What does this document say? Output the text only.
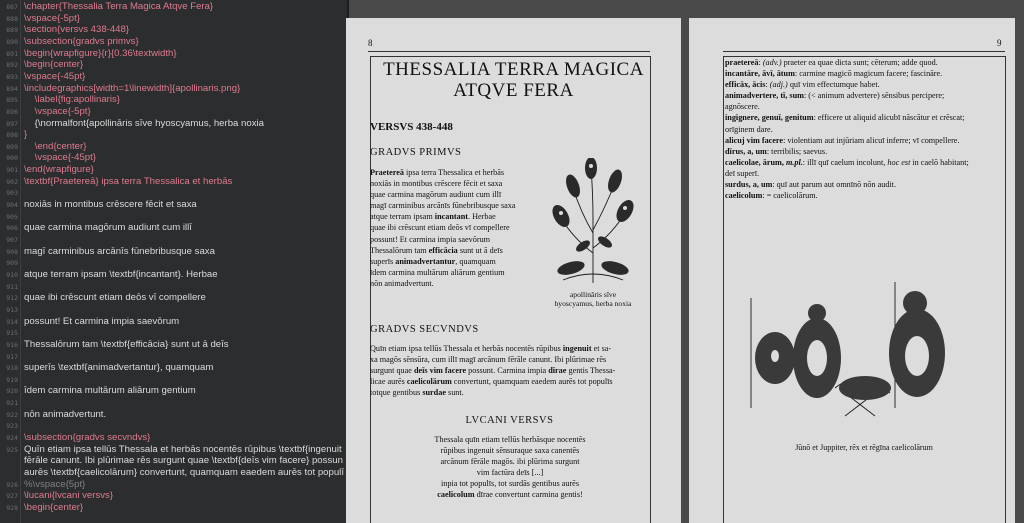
887
888
889
890
891
892
893
894
895
896
897
898
899
900
901
902
903
904
905
906
907
908
909
910
911
912
913
914
915
916
917
918
919
920
921
922
923
924
925
926
927
928
\chapter{Thessalia Terra Magica Atqve Fera}
\vspace{-5pt}
\section{versvs 438-448}
\subsection{gradvs primvs}
\begin{wrapfigure}{r}{0.36\textwidth}
\begin{center}
\vspace{-45pt}
\includegraphics[width=1\linewidth]{apollinaris.png}
\label{fig:apollinaris}
\vspace{-5pt}
{\normalfont{apollināris sīve hyoscyamus, herba noxia
}
\end{center}
\vspace{-45pt}
\end{wrapfigure}
\textbf{Praetereā} ipsa terra Thessalica et herbās
noxiās in montibus crēscere fēcit et saxa
quae carmina magōrum audiunt cum illī
magī carminibus arcānīs fūnebribusque saxa
atque terram ipsam \textbf{incantant}. Herbae
quae ibi crēscunt etiam deōs vī compellere
possunt! Et carmina impia saevōrum
Thessalōrum tam \textbf{efficācia} sunt ut ā deīs
superīs \textbf{animadvertantur}, quamquam
īdem carmina multārum aliārum gentium
nōn animadvertunt.
\subsection{gradvs secvndvs}
Quīn etiam ipsa tellūs Thessala et herbās nocentēs rūpibus \textbf{ingenuit
fērāle canunt. Ibi plūrimae rēs surgunt quae \textbf{deīs vim facere} possun
aurēs \textbf{caelicolārum} convertunt, quamquam eaedem aurēs tot populī
%\vspace{5pt}
\lucani{lvcani versvs}
\begin{center}
8
THESSALIA TERRA MAGICA
ATQVE FERA
VERSVS 438-448
GRADVS PRIMVS
Praetereā ipsa terra Thessalica et herbās
noxiās in montibus crēscere fēcit et saxa
quae carmina magōrum audiunt cum illī
magī carminibus arcānīs fūnebribusque saxa
atque terram ipsam incantant. Herbae
quae ibi crēscunt etiam deōs vī compellere
possunt! Et carmina impia saevōrum
Thessalōrum tam efficācia sunt ut ā deīs
superīs animadvertantur, quamquam
īdem carmina multārum aliārum gentium
nōn animadvertunt.
apollināris sīve
hyoscyamus, herba noxia
GRADVS SECVNDVS
Quīn etiam ipsa tellūs Thessala et herbās nocentēs rūpibus ingenuit et sa-
xa magōs sēnsūra, cum illī magī arcānum fērāle canunt. Ibi plūrimae rēs
surgunt quae deīs vim facere possunt. Carmina impia dīrae gentis Thessa-
licae aurēs caelicolārum convertunt, quamquam eaedem aurēs tot populīs
totque gentibus surdae sunt.
LVCANI VERSVS
Thessala quīn etiam tellūs herbāsque nocentēs
rūpibus ingenuit sēnsuraque saxa canentēs
arcānum fērāle magōs. ibi plūrima surgunt
vim factūra deīs [...]
inpia tot populīs, tot surdās gentibus aurēs
caelicolum dīrae convertunt carmina gentis!
9
praetereā: (adv.) praeter ea quae dicta sunt; cēterum; adde quod.
incantāre, āvī, ātum: carmine magicō magicum facere; fascināre.
efficāx, ācis: (adj.) quī vim effectumque habet.
animadvertere, tī, sum: (< animum advertere) sēnsibus percipere;
agnōscere.
ingignere, genuī, genitum: efficere ut aliquid alicubī nāscātur et crēscat;
orīginem dare.
alicuj vim facere: violentiam aut injūriam alicuī inferre; vī compellere.
dīrus, a, um: terribilis; saevus.
caelicolae, ārum, m.pl.: illī quī caelum incolunt, hoc est in caelō habitant;
deī superī.
surdus, a, um: quī aut parum aut omnīnō nōn audit.
caelicolum: = caelicolārum.
Jūnō et Juppiter, rēx et rēgīna caelicolārum
